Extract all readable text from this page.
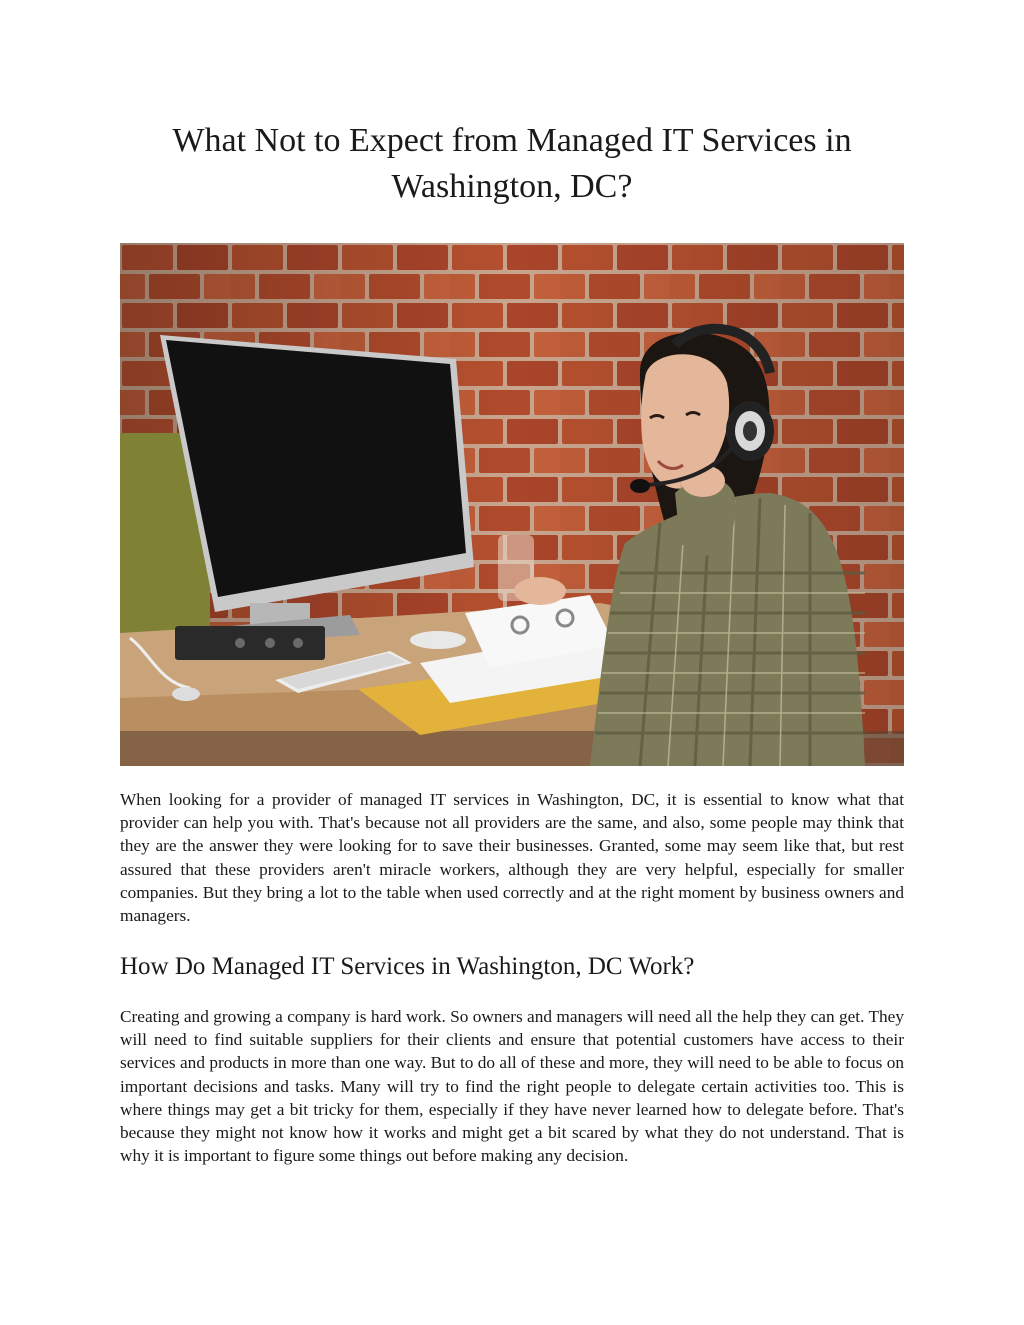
What Not to Expect from Managed IT Services in Washington, DC?

When looking for a provider of managed IT services in Washington, DC, it is essential to know what that provider can help you with. That's because not all providers are the same, and also, some people may think that they are the answer they were looking for to save their businesses. Granted, some may seem like that, but rest assured that these providers aren't miracle workers, although they are very helpful, especially for smaller companies. But they bring a lot to the table when used correctly and at the right moment by business owners and managers.

How Do Managed IT Services in Washington, DC Work?

Creating and growing a company is hard work. So owners and managers will need all the help they can get. They will need to find suitable suppliers for their clients and ensure that potential customers have access to their services and products in more than one way. But to do all of these and more, they will need to be able to focus on important decisions and tasks. Many will try to find the right people to delegate certain activities too. This is where things may get a bit tricky for them, especially if they have never learned how to delegate before. That's because they might not know how it works and might get a bit scared by what they do not understand. That is why it is important to figure some things out before making any decision.
